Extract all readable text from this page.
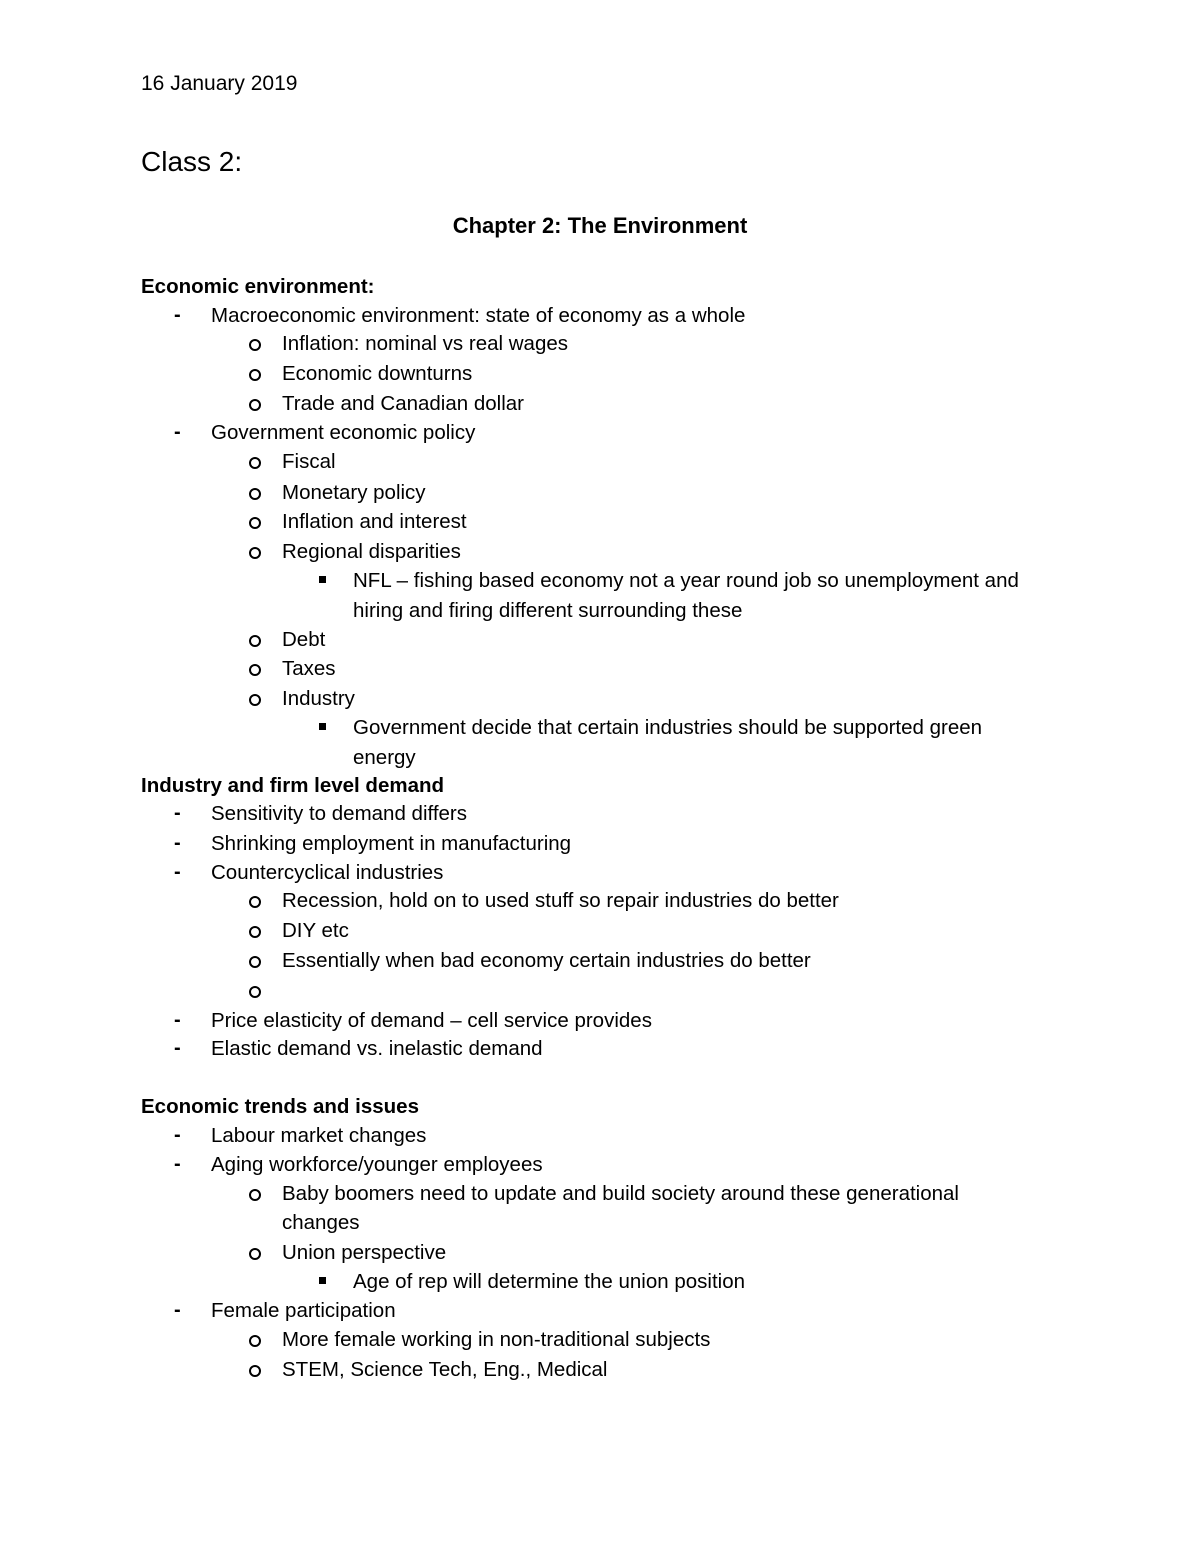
16 January 2019
Class 2:
Chapter 2: The Environment
Economic environment:
- Macroeconomic environment: state of economy as a whole
Inflation: nominal vs real wages
Economic downturns
Trade and Canadian dollar
- Government economic policy
Fiscal
Monetary policy
Inflation and interest
Regional disparities
NFL – fishing based economy not a year round job so unemployment and
hiring and firing different surrounding these
Debt
Taxes
Industry
Government decide that certain industries should be supported green
energy
Industry and firm level demand
- Sensitivity to demand differs
- Shrinking employment in manufacturing
- Countercyclical industries
Recession, hold on to used stuff so repair industries do better
DIY etc
Essentially when bad economy certain industries do better
- Price elasticity of demand – cell service provides
- Elastic demand vs. inelastic demand
Economic trends and issues
- Labour market changes
- Aging workforce/younger employees
Baby boomers need to update and build society around these generational
changes
Union perspective
Age of rep will determine the union position
- Female participation
More female working in non-traditional subjects
STEM, Science Tech, Eng., Medical
